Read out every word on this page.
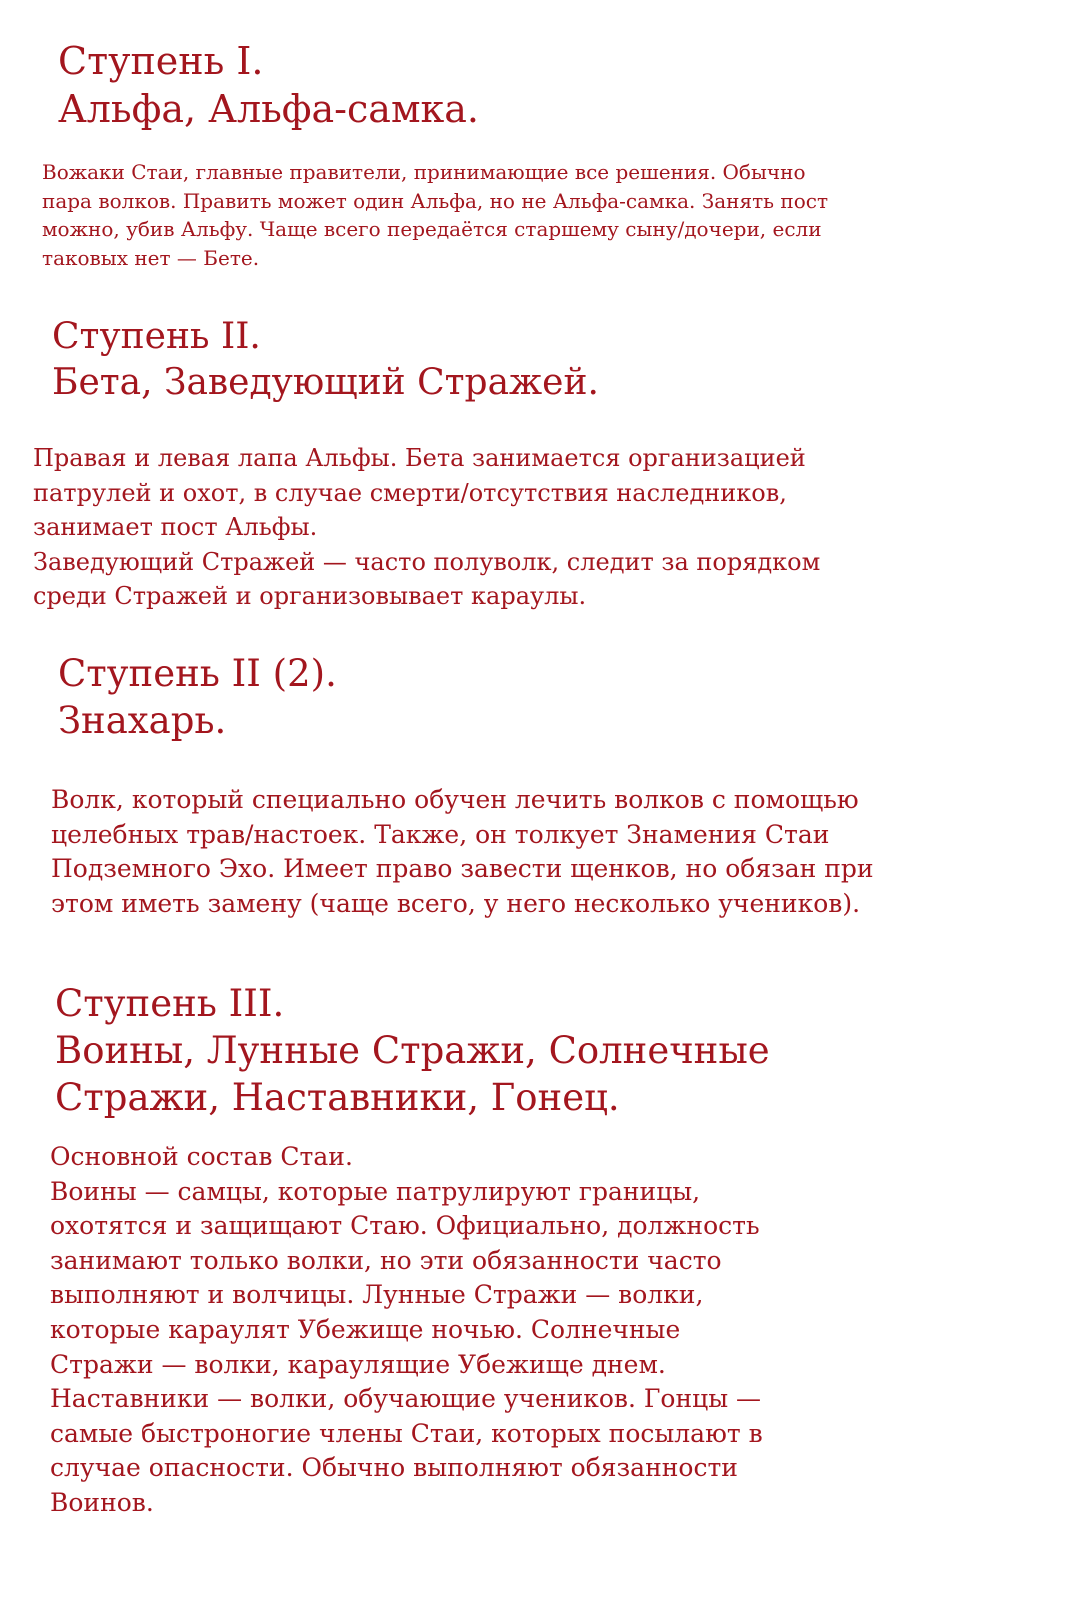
Ступень I.
Альфа, Альфа-самка.

Вожаки Стаи, главные правители, принимающие все решения. Обычно
пара волков. Править может один Альфа, но не Альфа-самка. Занять пост
можно, убив Альфу. Чаще всего передаётся старшему сыну/дочери, если
таковых нет — Бете.

Ступень II.
Бета, Заведующий Стражей.

Правая и левая лапа Альфы. Бета занимается организацией
патрулей и охот, в случае смерти/отсутствия наследников,
занимает пост Альфы.
Заведующий Стражей — часто полуволк, следит за порядком
среди Стражей и организовывает караулы.

Ступень II (2).
Знахарь.

Волк, который специально обучен лечить волков с помощью
целебных трав/настоек. Также, он толкует Знамения Стаи
Подземного Эхо. Имеет право завести щенков, но обязан при
этом иметь замену (чаще всего, у него несколько учеников).

Ступень III.
Воины, Лунные Стражи, Солнечные
Стражи, Наставники, Гонец.

Основной состав Стаи.
Воины — самцы, которые патрулируют границы,
охотятся и защищают Стаю. Официально, должность
занимают только волки, но эти обязанности часто
выполняют и волчицы. Лунные Стражи — волки,
которые караулят Убежище ночью. Солнечные
Стражи — волки, караулящие Убежище днем.
Наставники — волки, обучающие учеников. Гонцы —
самые быстроногие члены Стаи, которых посылают в
случае опасности. Обычно выполняют обязанности
Воинов.
